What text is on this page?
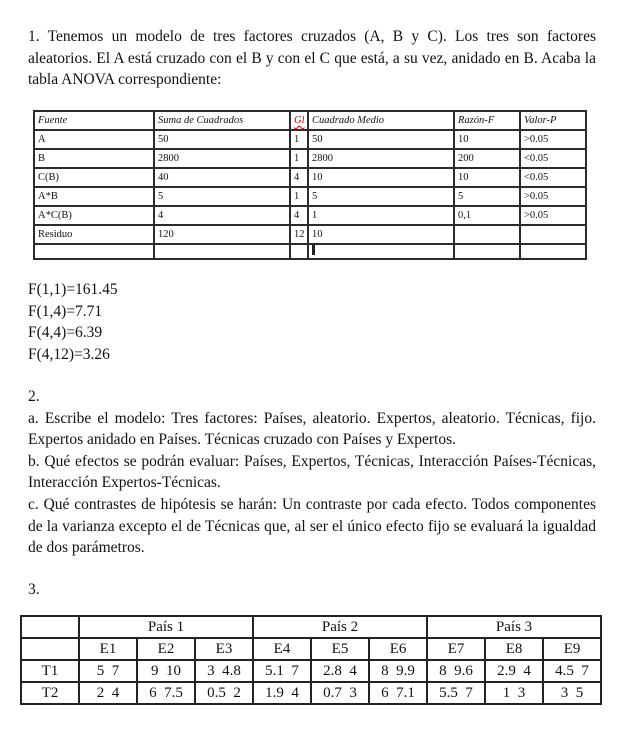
1. Tenemos un modelo de tres factores cruzados (A, B y C). Los tres son factores aleatorios. El A está cruzado con el B y con el C que está, a su vez, anidado en B. Acaba la tabla ANOVA correspondiente:

Fuente	Suma de Cuadrados	Gl	Cuadrado Medio	Razón-F	Valor-P
A	50	1	50	10	>0.05
B	2800	1	2800	200	<0.05
C(B)	40	4	10	10	<0.05
A*B	5	1	5	5	>0.05
A*C(B)	4	4	1	0,1	>0.05
Residuo	120	12	10		

F(1,1)=161.45

F(1,4)=7.71

F(4,4)=6.39

F(4,12)=3.26

2.

a. Escribe el modelo: Tres factores: Países, aleatorio. Expertos, aleatorio. Técnicas, fijo. Expertos anidado en Países. Técnicas cruzado con Países y Expertos.

b. Qué efectos se podrán evaluar: Países, Expertos, Técnicas, Interacción Países-Técnicas, Interacción Expertos-Técnicas.

c. Qué contrastes de hipótesis se harán: Un contraste por cada efecto. Todos componentes de la varianza excepto el de Técnicas que, al ser el único efecto fijo se evaluará la igualdad de dos parámetros.

3.

	País 1			País 2			País 3		
	E1	E2	E3	E4	E5	E6	E7	E8	E9
T1	5  7	9  10	3  4.8	5.1  7	2.8  4	8  9.9	8  9.6	2.9  4	4.5  7
T2	2  4	6  7.5	0.5  2	1.9  4	0.7  3	6  7.1	5.5  7	1  3	3  5
